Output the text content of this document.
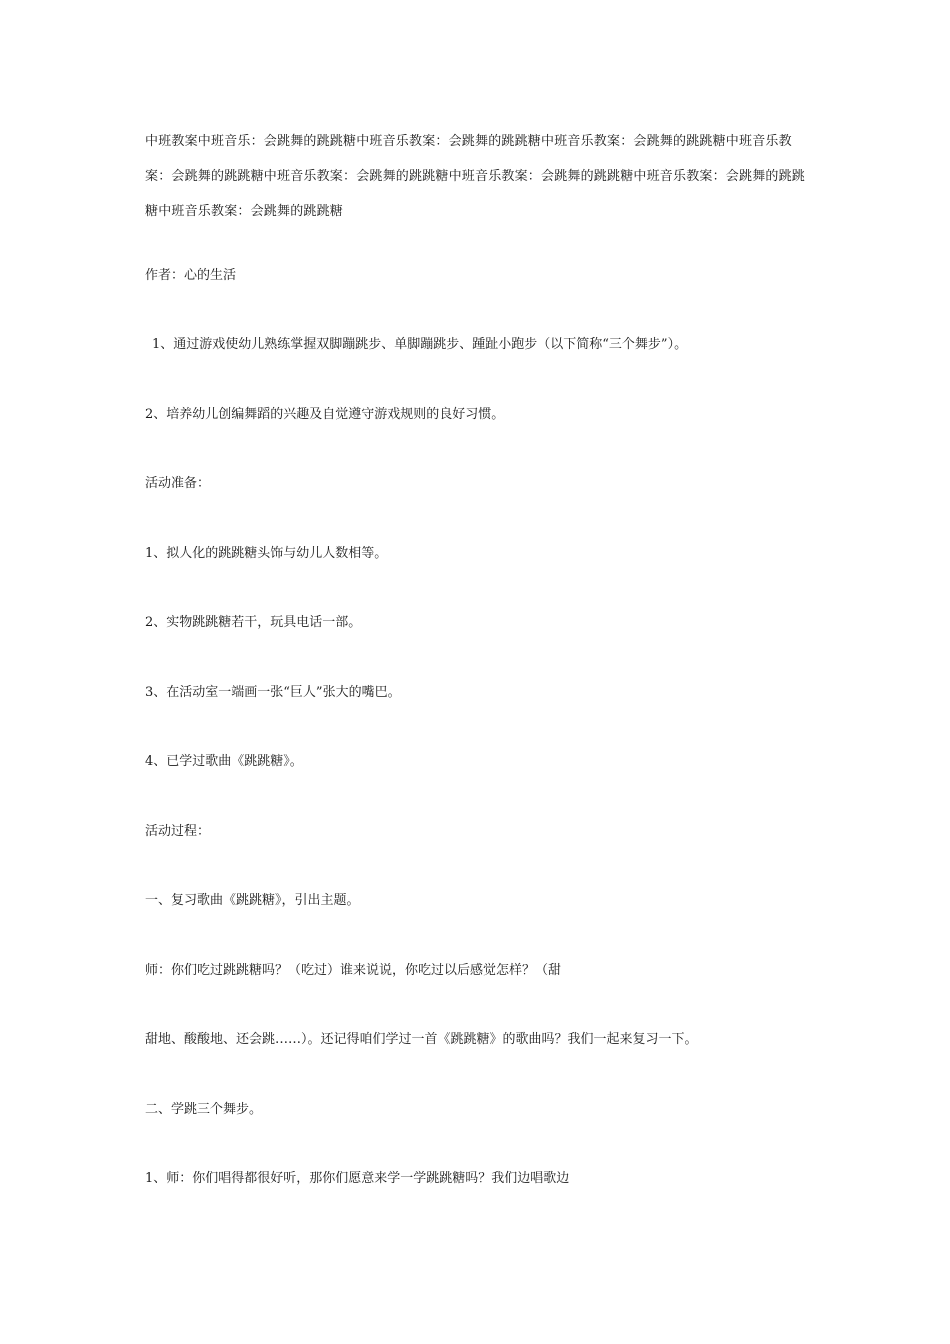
中班教案中班音乐：会跳舞的跳跳糖中班音乐教案：会跳舞的跳跳糖中班音乐教案：会跳舞的跳跳糖中班音乐教案：会跳舞的跳跳糖中班音乐教案：会跳舞的跳跳糖中班音乐教案：会跳舞的跳跳糖中班音乐教案：会跳舞的跳跳糖中班音乐教案：会跳舞的跳跳糖
作者：心的生活
1、通过游戏使幼儿熟练掌握双脚蹦跳步、单脚蹦跳步、踵趾小跑步（以下简称“三个舞步”）。
2、培养幼儿创编舞蹈的兴趣及自觉遵守游戏规则的良好习惯。
活动准备：
1、拟人化的跳跳糖头饰与幼儿人数相等。
2、实物跳跳糖若干，玩具电话一部。
3、在活动室一端画一张“巨人”张大的嘴巴。
4、已学过歌曲《跳跳糖》。
活动过程：
一、复习歌曲《跳跳糖》，引出主题。
师：你们吃过跳跳糖吗？（吃过）谁来说说，你吃过以后感觉怎样？（甜
甜地、酸酸地、还会跳……）。还记得咱们学过一首《跳跳糖》的歌曲吗？我们一起来复习一下。
二、学跳三个舞步。
1、师：你们唱得都很好听，那你们愿意来学一学跳跳糖吗？我们边唱歌边
